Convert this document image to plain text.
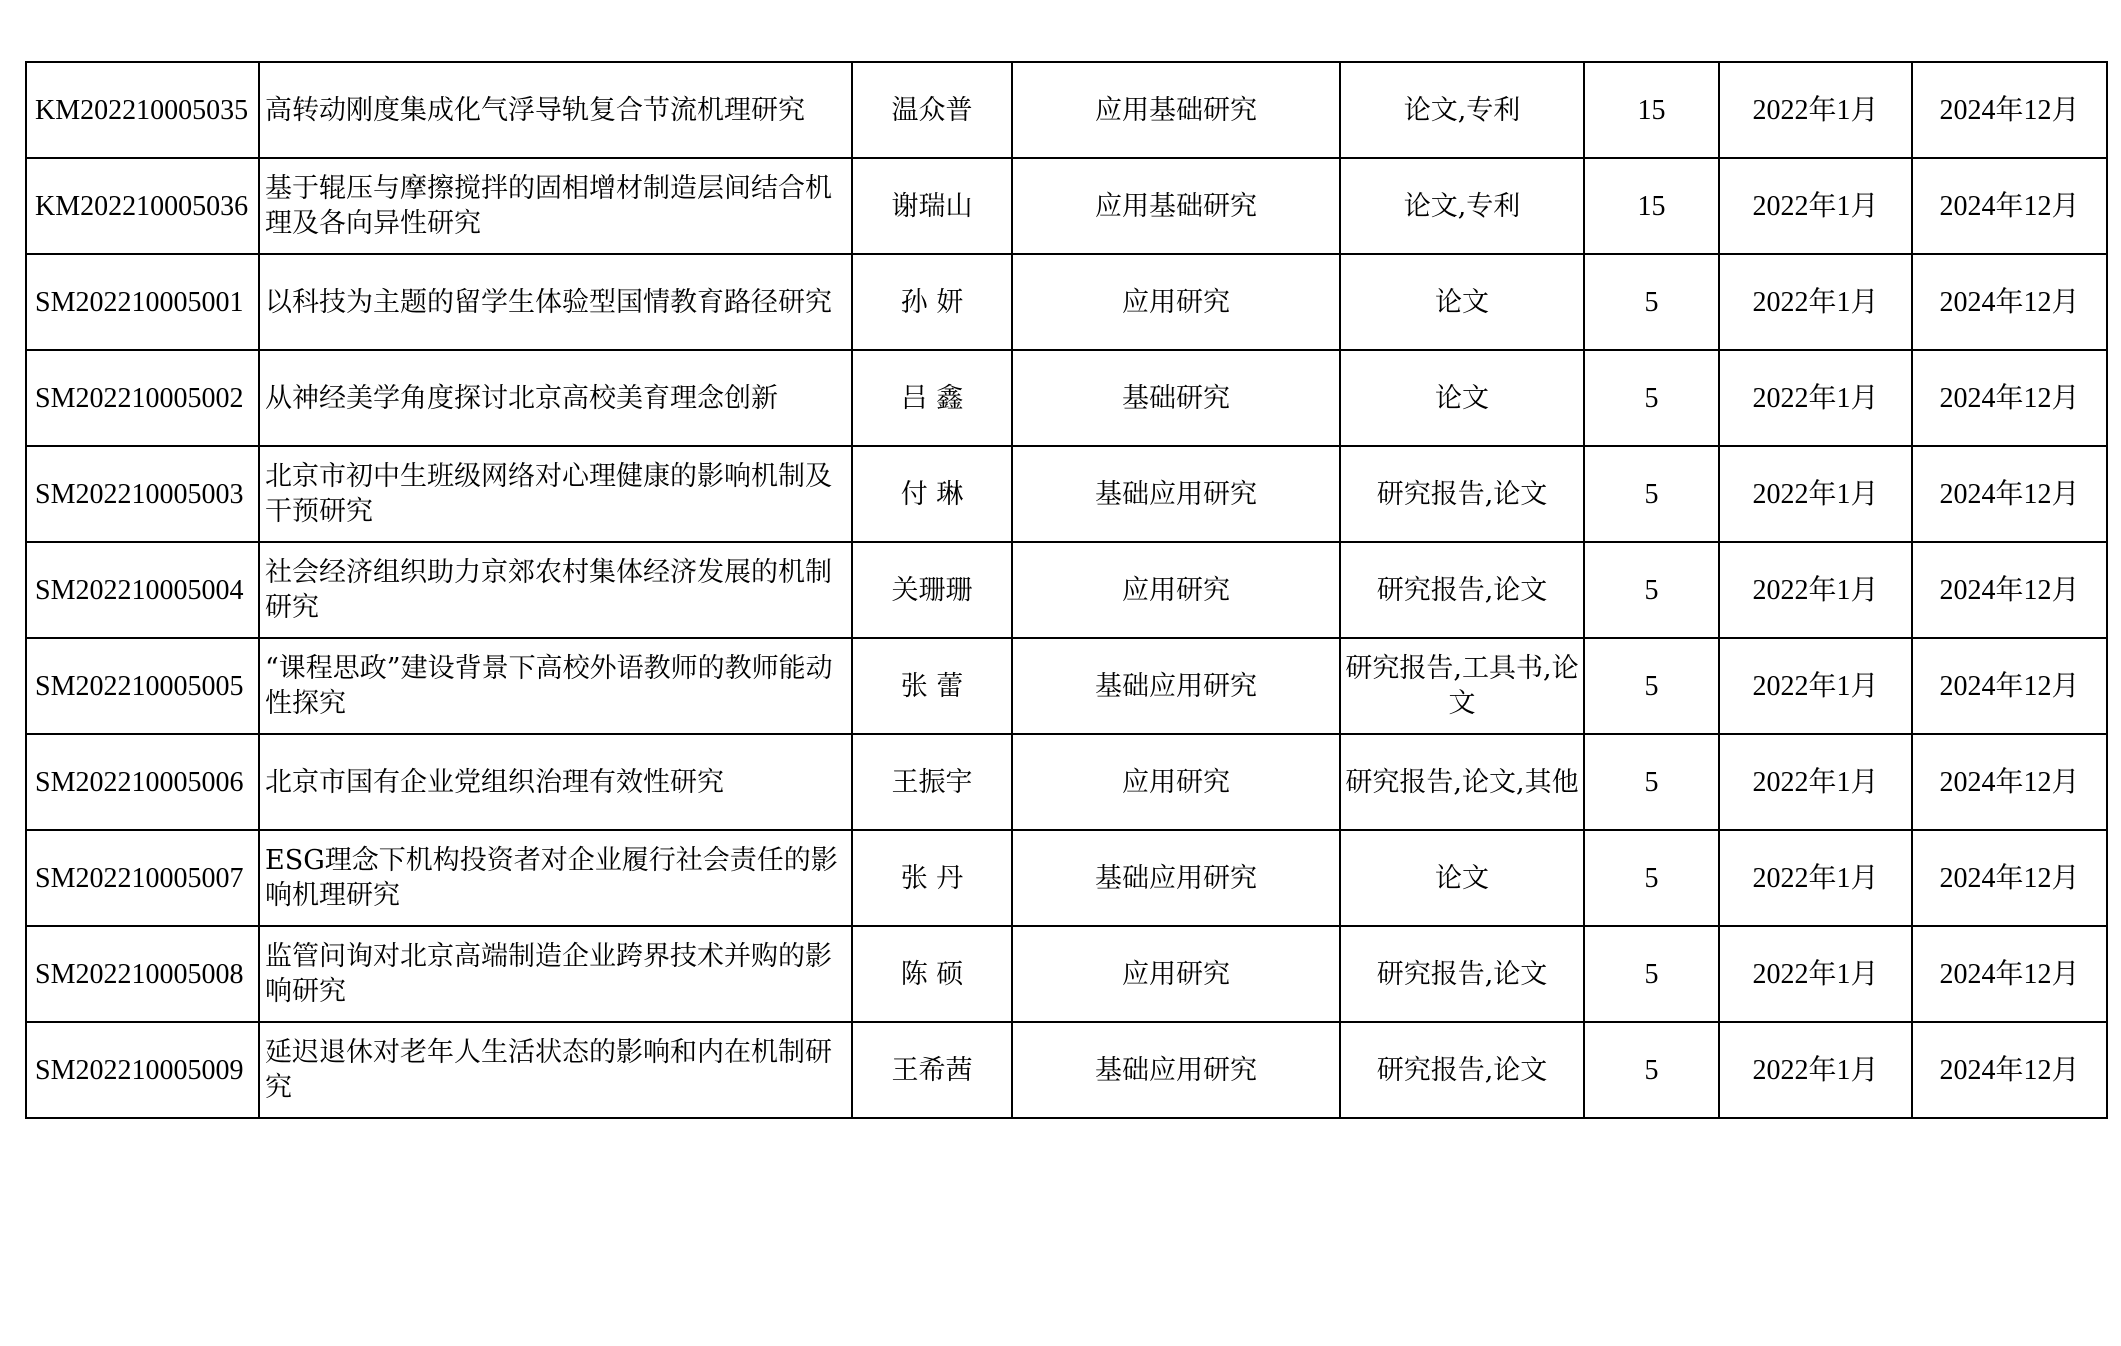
KM202210005035	高转动刚度集成化气浮导轨复合节流机理研究	温众普	应用基础研究	论文,专利	15	2022年1月	2024年12月
KM202210005036	基于辊压与摩擦搅拌的固相增材制造层间结合机理及各向异性研究	谢瑞山	应用基础研究	论文,专利	15	2022年1月	2024年12月
SM202210005001	以科技为主题的留学生体验型国情教育路径研究	孙 妍	应用研究	论文	5	2022年1月	2024年12月
SM202210005002	从神经美学角度探讨北京高校美育理念创新	吕 鑫	基础研究	论文	5	2022年1月	2024年12月
SM202210005003	北京市初中生班级网络对心理健康的影响机制及干预研究	付 琳	基础应用研究	研究报告,论文	5	2022年1月	2024年12月
SM202210005004	社会经济组织助力京郊农村集体经济发展的机制研究	关珊珊	应用研究	研究报告,论文	5	2022年1月	2024年12月
SM202210005005	“课程思政”建设背景下高校外语教师的教师能动性探究	张 蕾	基础应用研究	研究报告,工具书,论文	5	2022年1月	2024年12月
SM202210005006	北京市国有企业党组织治理有效性研究	王振宇	应用研究	研究报告,论文,其他	5	2022年1月	2024年12月
SM202210005007	ESG理念下机构投资者对企业履行社会责任的影响机理研究	张 丹	基础应用研究	论文	5	2022年1月	2024年12月
SM202210005008	监管问询对北京高端制造企业跨界技术并购的影响研究	陈 硕	应用研究	研究报告,论文	5	2022年1月	2024年12月
SM202210005009	延迟退休对老年人生活状态的影响和内在机制研究	王希茜	基础应用研究	研究报告,论文	5	2022年1月	2024年12月
